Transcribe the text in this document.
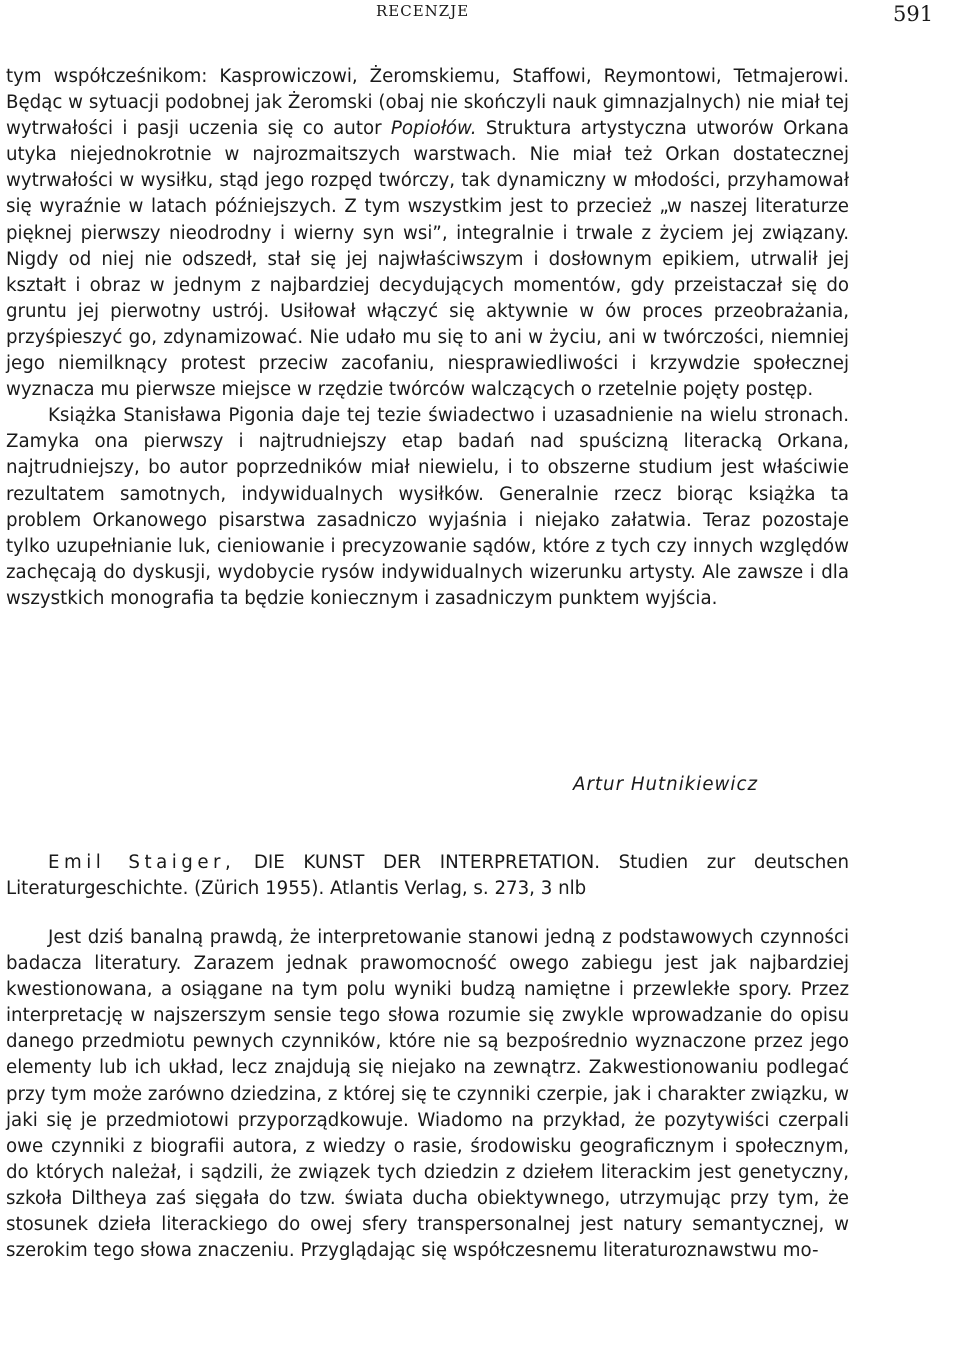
RECENZJE	591

tym współcześnikom: Kasprowiczowi, Żeromskiemu, Staffowi, Reymontowi, Tetmajerowi. Będąc w sytuacji podobnej jak Żeromski (obaj nie skończyli nauk gimnazjalnych) nie miał tej wytrwałości i pasji uczenia się co autor Popiołów. Struktura artystyczna utworów Orkana utyka niejednokrotnie w najrozmaitszych warstwach. Nie miał też Orkan dostatecznej wytrwałości w wysiłku, stąd jego rozpęd twórczy, tak dynamiczny w młodości, przyhamował się wyraźnie w latach późniejszych. Z tym wszystkim jest to przecież „w naszej literaturze pięknej pierwszy nieodrodny i wierny syn wsi”, integralnie i trwale z życiem jej związany. Nigdy od niej nie odszedł, stał się jej najwłaściwszym i dosłownym epikiem, utrwalił jej kształt i obraz w jednym z najbardziej decydujących momentów, gdy przeistaczał się do gruntu jej pierwotny ustrój. Usiłował włączyć się aktywnie w ów proces przeobrażania, przyśpieszyć go, zdynamizować. Nie udało mu się to ani w życiu, ani w twórczości, niemniej jego niemilknący protest przeciw zacofaniu, niesprawiedliwości i krzywdzie społecznej wyznacza mu pierwsze miejsce w rzędzie twórców walczących o rzetelnie pojęty postęp.

Książka Stanisława Pigonia daje tej tezie świadectwo i uzasadnienie na wielu stronach. Zamyka ona pierwszy i najtrudniejszy etap badań nad spuścizną literacką Orkana, najtrudniejszy, bo autor poprzedników miał niewielu, i to obszerne studium jest właściwie rezultatem samotnych, indywidualnych wysiłków. Generalnie rzecz biorąc książka ta problem Orkanowego pisarstwa zasadniczo wyjaśnia i niejako załatwia. Teraz pozostaje tylko uzupełnianie luk, cieniowanie i precyzowanie sądów, które z tych czy innych względów zachęcają do dyskusji, wydobycie rysów indywidualnych wizerunku artysty. Ale zawsze i dla wszystkich monografia ta będzie koniecznym i zasadniczym punktem wyjścia.

Artur Hutnikiewicz
Emil Staiger, DIE KUNST DER INTERPRETATION. Studien zur deutschen Literaturgeschichte. (Zürich 1955). Atlantis Verlag, s. 273, 3 nlb

Jest dziś banalną prawdą, że interpretowanie stanowi jedną z podstawowych czynności badacza literatury. Zarazem jednak prawomocność owego zabiegu jest jak najbardziej kwestionowana, a osiągane na tym polu wyniki budzą namiętne i przewlekłe spory. Przez interpretację w najszerszym sensie tego słowa rozumie się zwykle wprowadzanie do opisu danego przedmiotu pewnych czynników, które nie są bezpośrednio wyznaczone przez jego elementy lub ich układ, lecz znajdują się niejako na zewnątrz. Zakwestionowaniu podlegać przy tym może zarówno dziedzina, z której się te czynniki czerpie, jak i charakter związku, w jaki się je przedmiotowi przyporządkowuje. Wiadomo na przykład, że pozytywiści czerpali owe czynniki z biografii autora, z wiedzy o rasie, środowisku geograficznym i społecznym, do których należał, i sądzili, że związek tych dziedzin z dziełem literackim jest genetyczny, szkoła Diltheya zaś sięgała do tzw. świata ducha obiektywnego, utrzymując przy tym, że stosunek dzieła literackiego do owej sfery transpersonalnej jest natury semantycznej, w szerokim tego słowa znaczeniu. Przyglądając się współczesnemu literaturoznawstwu mo-
